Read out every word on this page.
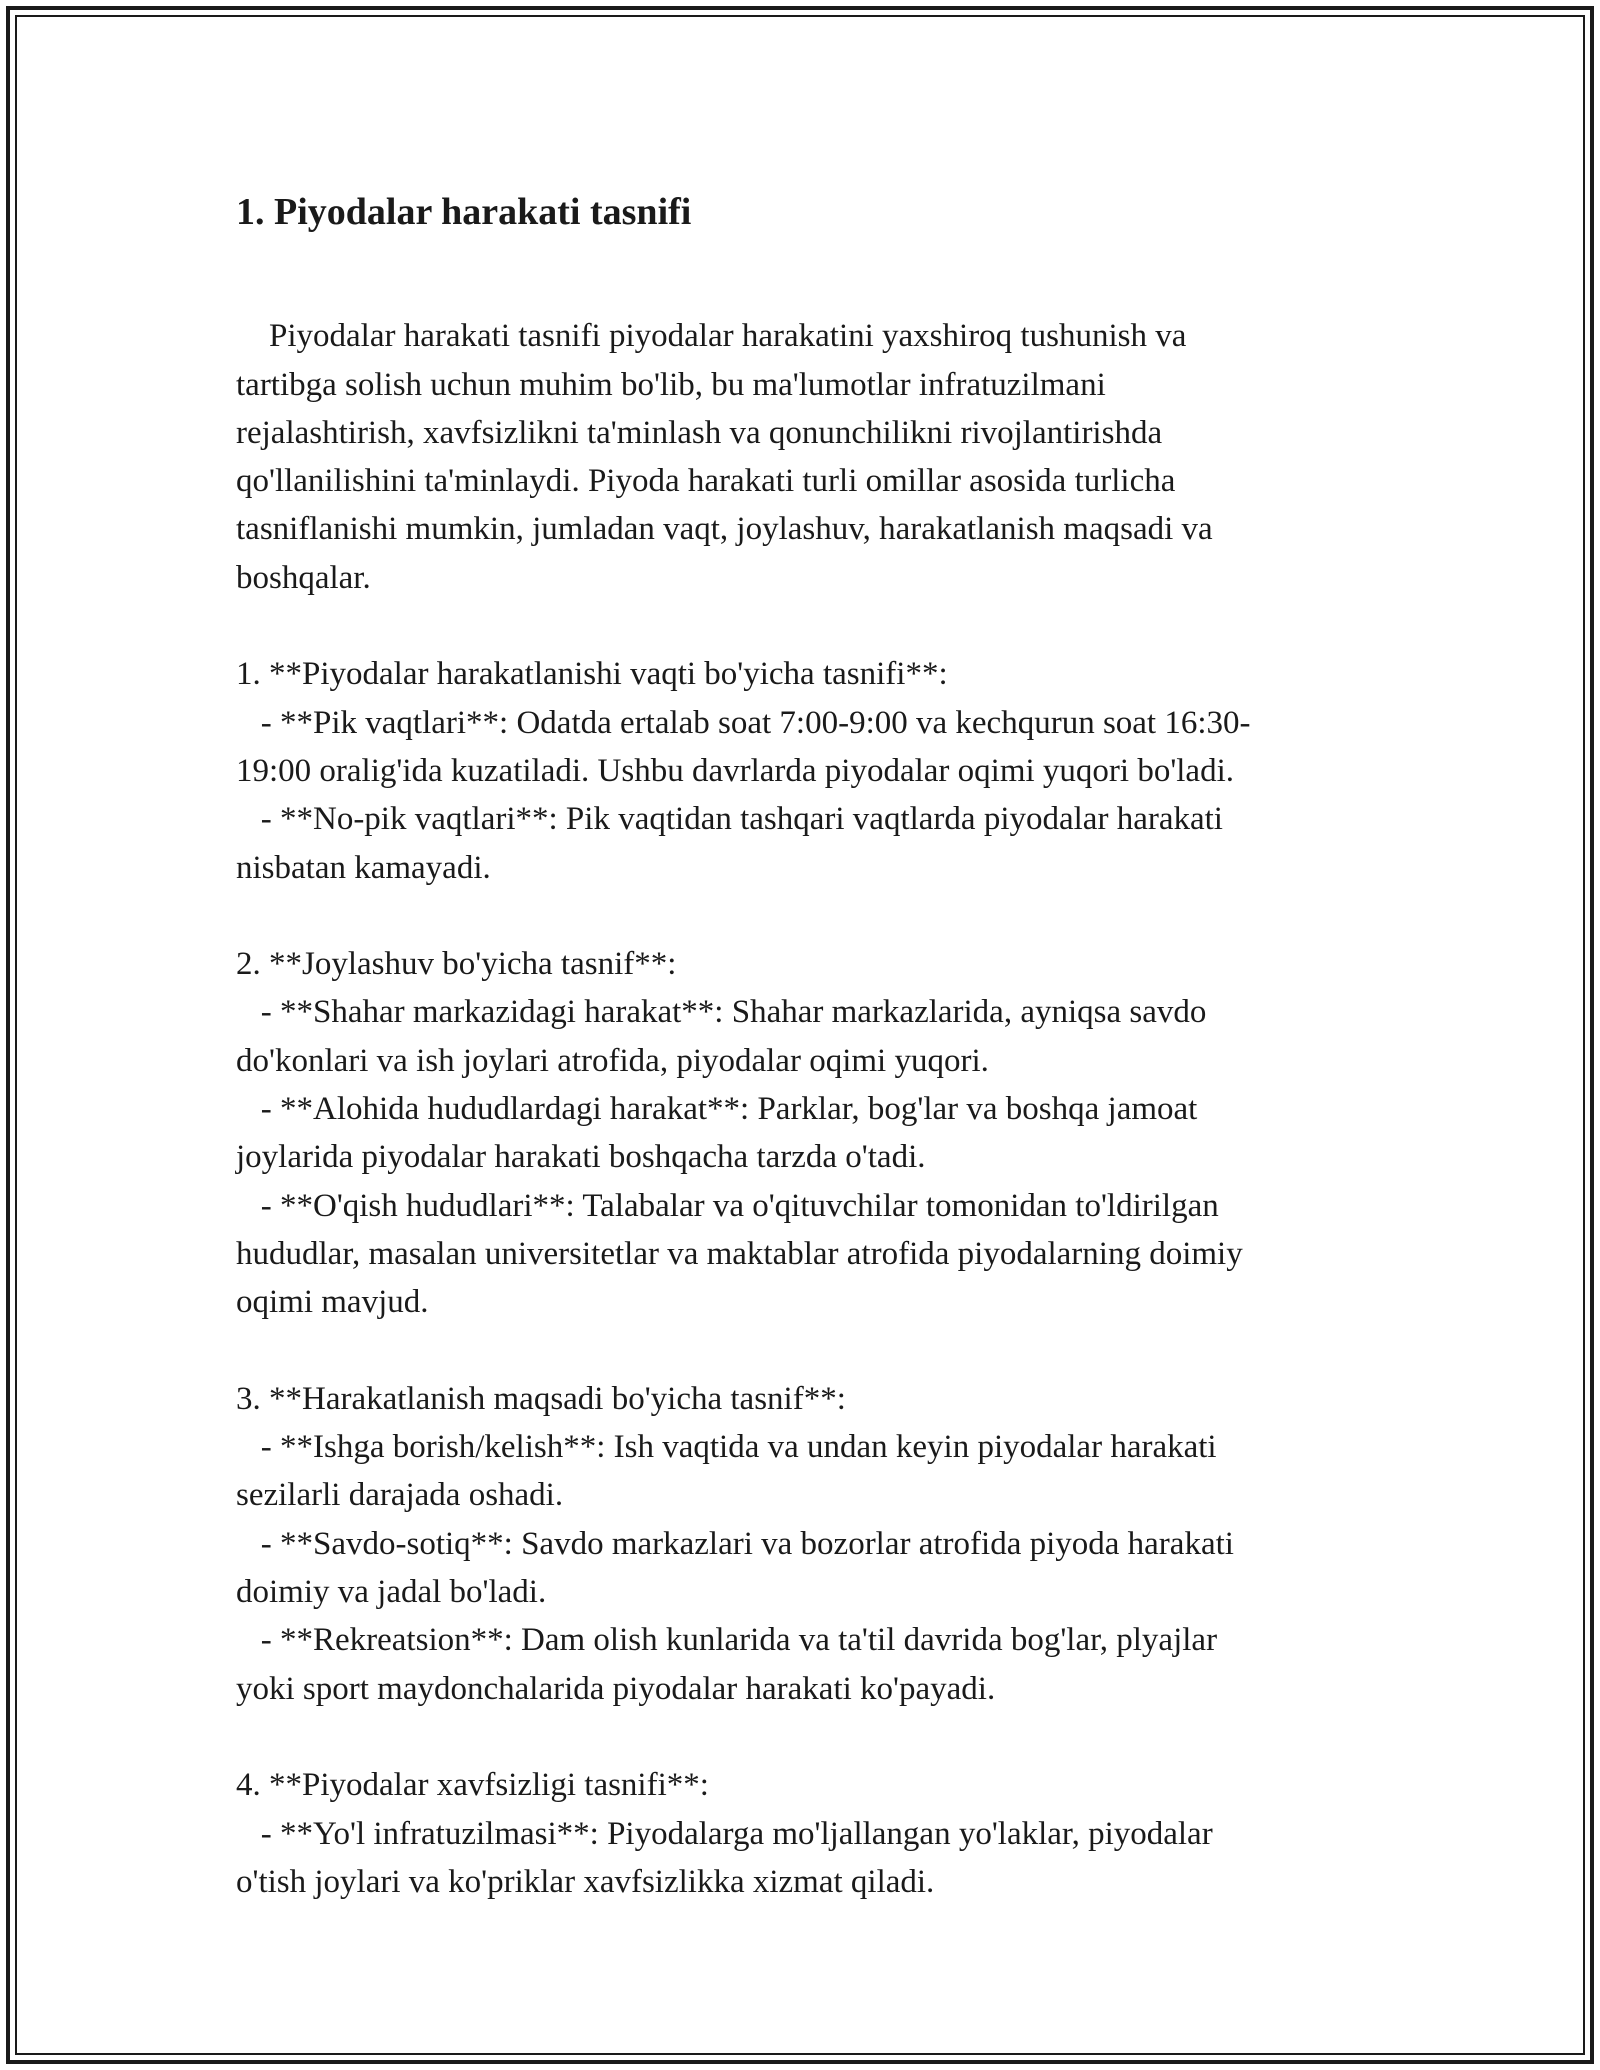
1. Piyodalar harakati tasnifi

Piyodalar harakati tasnifi piyodalar harakatini yaxshiroq tushunish va
tartibga solish uchun muhim bo'lib, bu ma'lumotlar infratuzilmani
rejalashtirish, xavfsizlikni ta'minlash va qonunchilikni rivojlantirishda
qo'llanilishini ta'minlaydi. Piyoda harakati turli omillar asosida turlicha
tasniflanishi mumkin, jumladan vaqt, joylashuv, harakatlanish maqsadi va
boshqalar.

1. **Piyodalar harakatlanishi vaqti bo'yicha tasnifi**:
- **Pik vaqtlari**: Odatda ertalab soat 7:00-9:00 va kechqurun soat 16:30-
19:00 oralig'ida kuzatiladi. Ushbu davrlarda piyodalar oqimi yuqori bo'ladi.
- **No-pik vaqtlari**: Pik vaqtidan tashqari vaqtlarda piyodalar harakati
nisbatan kamayadi.

2. **Joylashuv bo'yicha tasnif**:
- **Shahar markazidagi harakat**: Shahar markazlarida, ayniqsa savdo
do'konlari va ish joylari atrofida, piyodalar oqimi yuqori.
- **Alohida hududlardagi harakat**: Parklar, bog'lar va boshqa jamoat
joylarida piyodalar harakati boshqacha tarzda o'tadi.
- **O'qish hududlari**: Talabalar va o'qituvchilar tomonidan to'ldirilgan
hududlar, masalan universitetlar va maktablar atrofida piyodalarning doimiy
oqimi mavjud.

3. **Harakatlanish maqsadi bo'yicha tasnif**:
- **Ishga borish/kelish**: Ish vaqtida va undan keyin piyodalar harakati
sezilarli darajada oshadi.
- **Savdo-sotiq**: Savdo markazlari va bozorlar atrofida piyoda harakati
doimiy va jadal bo'ladi.
- **Rekreatsion**: Dam olish kunlarida va ta'til davrida bog'lar, plyajlar
yoki sport maydonchalarida piyodalar harakati ko'payadi.

4. **Piyodalar xavfsizligi tasnifi**:
- **Yo'l infratuzilmasi**: Piyodalarga mo'ljallangan yo'laklar, piyodalar
o'tish joylari va ko'priklar xavfsizlikka xizmat qiladi.
